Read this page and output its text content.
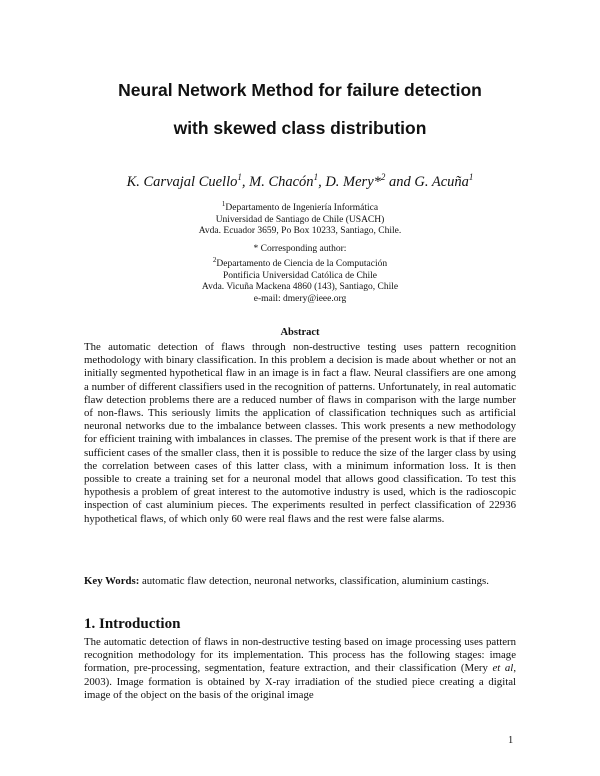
Neural Network Method for failure detection
with skewed class distribution
K. Carvajal Cuello$^1$, M. Chacón$^1$, D. Mery*$^2$ and G. Acuña$^1$
$^1$Departamento de Ingeniería Informática
Universidad de Santiago de Chile (USACH)
Avda. Ecuador 3659, Po Box 10233, Santiago, Chile.
* Corresponding author:
$^2$Departamento de Ciencia de la Computación
Pontificia Universidad Católica de Chile
Avda. Vicuña Mackena 4860 (143), Santiago, Chile
e-mail: dmery@ieee.org
Abstract
The automatic detection of flaws through non-destructive testing uses pattern recognition methodology with binary classification. In this problem a decision is made about whether or not an initially segmented hypothetical flaw in an image is in fact a flaw. Neural classifiers are one among a number of different classifiers used in the recognition of patterns. Unfortunately, in real automatic flaw detection problems there are a reduced number of flaws in comparison with the large number of non-flaws. This seriously limits the application of classification techniques such as artificial neuronal networks due to the imbalance between classes. This work presents a new methodology for efficient training with imbalances in classes. The premise of the present work is that if there are sufficient cases of the smaller class, then it is possible to reduce the size of the larger class by using the correlation between cases of this latter class, with a minimum information loss. It is then possible to create a training set for a neuronal model that allows good classification. To test this hypothesis a problem of great interest to the automotive industry is used, which is the radioscopic inspection of cast aluminium pieces. The experiments resulted in perfect classification of 22936 hypothetical flaws, of which only 60 were real flaws and the rest were false alarms.
Key Words: automatic flaw detection, neuronal networks, classification, aluminium castings.
1. Introduction
The automatic detection of flaws in non-destructive testing based on image processing uses pattern recognition methodology for its implementation. This process has the following stages: image formation, pre-processing, segmentation, feature extraction, and their classification (Mery et al, 2003). Image formation is obtained by X-ray irradiation of the studied piece creating a digital image of the object on the basis of the original image
1
